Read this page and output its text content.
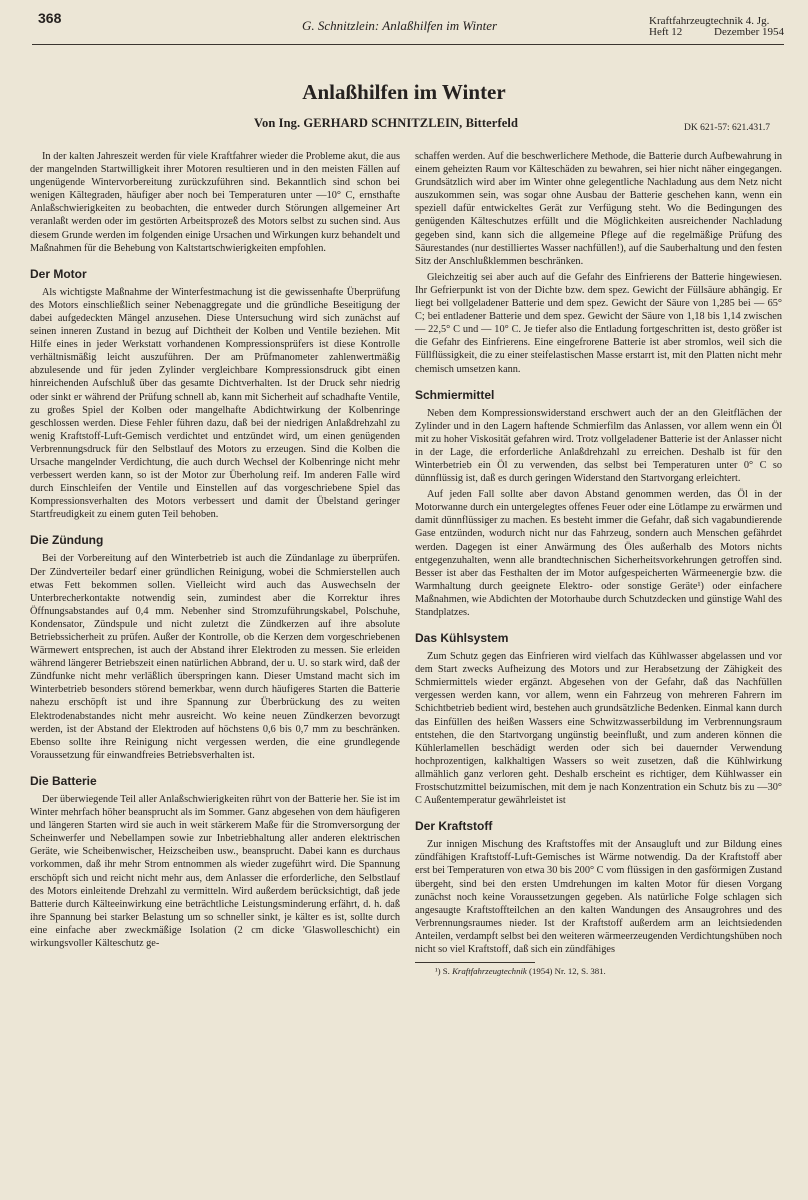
368	G. Schnitzlein: Anlaßhilfen im Winter	Kraftfahrzeugtechnik 4. Jg.
Heft 12	Dezember 1954
Anlaßhilfen im Winter
Von Ing. GERHARD SCHNITZLEIN, Bitterfeld	DK 621-57: 621.431.7

In der kalten Jahreszeit werden für viele Kraftfahrer wieder die Probleme akut, die aus der mangelnden Startwilligkeit ihrer Motoren resultieren und in den meisten Fällen auf ungenügende Wintervorbereitung zurückzuführen sind. Bekanntlich sind schon bei wenigen Kältegraden, häufiger aber noch bei Temperaturen unter —10° C, ernsthafte Anlaßschwierigkeiten zu beobachten, die entweder durch Störungen allgemeiner Art veranlaßt werden oder im gestörten Arbeitsprozeß des Motors selbst zu suchen sind. Aus diesem Grunde werden im folgenden einige Ursachen und Wirkungen kurz behandelt und Maßnahmen für die Behebung von Kaltstartschwierigkeiten empfohlen.

Der Motor

Als wichtigste Maßnahme der Winterfestmachung ist die gewissenhafte Überprüfung des Motors einschließlich seiner Nebenaggregate und die gründliche Beseitigung der dabei aufgedeckten Mängel anzusehen. Diese Untersuchung wird sich zunächst auf seinen inneren Zustand in bezug auf Dichtheit der Kolben und Ventile beziehen. Mit Hilfe eines in jeder Werkstatt vorhandenen Kompressionsprüfers ist diese Kontrolle verhältnismäßig leicht auszuführen. Der am Prüfmanometer zahlenwertmäßig abzulesende und für jeden Zylinder vergleichbare Kompressionsdruck gibt einen hinreichenden Aufschluß über das gesamte Dichtverhalten. Ist der Druck sehr niedrig oder sinkt er während der Prüfung schnell ab, kann mit Sicherheit auf schadhafte Ventile, zu großes Spiel der Kolben oder mangelhafte Abdichtwirkung der Kolbenringe geschlossen werden. Diese Fehler führen dazu, daß bei der niedrigen Anlaßdrehzahl zu wenig Kraftstoff-Luft-Gemisch verdichtet und entzündet wird, um einen genügenden Verbrennungsdruck für den Selbstlauf des Motors zu erzeugen. Sind die Kolben die Ursache mangelnder Verdichtung, die auch durch Wechsel der Kolbenringe nicht mehr verbessert werden kann, so ist der Motor zur Überholung reif. Im anderen Falle wird durch Einschleifen der Ventile und Einstellen auf das vorgeschriebene Spiel das Kompressionsverhalten des Motors verbessert und damit der Übelstand geringer Startfreudigkeit zu einem guten Teil behoben.

Die Zündung

Bei der Vorbereitung auf den Winterbetrieb ist auch die Zündanlage zu überprüfen. Der Zündverteiler bedarf einer gründlichen Reinigung, wobei die Schmierstellen auch etwas Fett bekommen sollen. Vielleicht wird auch das Auswechseln der Unterbrecherkontakte notwendig sein, zumindest aber die Korrektur ihres Öffnungsabstandes auf 0,4 mm. Nebenher sind Stromzuführungskabel, Polschuhe, Kondensator, Zündspule und nicht zuletzt die Zündkerzen auf ihre absolute Betriebssicherheit zu prüfen. Außer der Kontrolle, ob die Kerzen dem vorgeschriebenen Wärmewert entsprechen, ist auch der Abstand ihrer Elektroden zu messen. Sie erleiden während längerer Betriebszeit einen natürlichen Abbrand, der u. U. so stark wird, daß der Zündfunke nicht mehr verläßlich überspringen kann. Dieser Umstand macht sich im Winterbetrieb besonders störend bemerkbar, wenn durch häufigeres Starten die Batterie nahezu erschöpft ist und ihre Spannung zur Überbrückung des zu weiten Elektrodenabstandes nicht mehr ausreicht. Wo keine neuen Zündkerzen bevorzugt werden, ist der Abstand der Elektroden auf höchstens 0,6 bis 0,7 mm zu beschränken. Ebenso sollte ihre Reinigung nicht vergessen werden, die eine grundlegende Voraussetzung für einwandfreies Betriebsverhalten ist.

Die Batterie

Der überwiegende Teil aller Anlaßschwierigkeiten rührt von der Batterie her. Sie ist im Winter mehrfach höher beansprucht als im Sommer. Ganz abgesehen von dem häufigeren und längeren Starten wird sie auch in weit stärkerem Maße für die Stromversorgung der Scheinwerfer und Nebellampen sowie zur Inbetriebhaltung aller anderen elektrischen Geräte, wie Scheibenwischer, Heizscheiben usw., beansprucht. Dabei kann es durchaus vorkommen, daß ihr mehr Strom entnommen als wieder zugeführt wird. Die Spannung erschöpft sich und reicht nicht mehr aus, dem Anlasser die erforderliche, den Selbstlauf des Motors einleitende Drehzahl zu vermitteln. Wird außerdem berücksichtigt, daß jede Batterie durch Kälteeinwirkung eine beträchtliche Leistungsminderung erfährt, d. h. daß ihre Spannung bei starker Belastung um so schneller sinkt, je kälter es ist, sollte durch eine einfache aber zweckmäßige Isolation (2 cm dicke 'Glaswolleschicht) ein wirkungsvoller Kälteschutz ge-

schaffen werden. Auf die beschwerlichere Methode, die Batterie durch Aufbewahrung in einem geheizten Raum vor Kälteschäden zu bewahren, sei hier nicht näher eingegangen. Grundsätzlich wird aber im Winter ohne gelegentliche Nachladung aus dem Netz nicht auszukommen sein, was sogar ohne Ausbau der Batterie geschehen kann, wenn ein speziell dafür entwickeltes Gerät zur Verfügung steht. Wo die Bedingungen des genügenden Kälteschutzes erfüllt und die Möglichkeiten ausreichender Nachladung gegeben sind, kann sich die allgemeine Pflege auf die regelmäßige Prüfung des Säurestandes (nur destilliertes Wasser nachfüllen!), auf die Sauberhaltung und den festen Sitz der Anschlußklemmen beschränken.

Gleichzeitig sei aber auch auf die Gefahr des Einfrierens der Batterie hingewiesen. Ihr Gefrierpunkt ist von der Dichte bzw. dem spez. Gewicht der Füllsäure abhängig. Er liegt bei vollgeladener Batterie und dem spez. Gewicht der Säure von 1,285 bei — 65° C; bei entladener Batterie und dem spez. Gewicht der Säure von 1,18 bis 1,14 zwischen — 22,5° C und — 10° C. Je tiefer also die Entladung fortgeschritten ist, desto größer ist die Gefahr des Einfrierens. Eine eingefrorene Batterie ist aber stromlos, weil sich die Füllflüssigkeit, die zu einer steifelastischen Masse erstarrt ist, mit den Platten nicht mehr chemisch umsetzen kann.

Schmiermittel

Neben dem Kompressionswiderstand erschwert auch der an den Gleitflächen der Zylinder und in den Lagern haftende Schmierfilm das Anlassen, vor allem wenn ein Öl mit zu hoher Viskosität gefahren wird. Trotz vollgeladener Batterie ist der Anlasser nicht in der Lage, die erforderliche Anlaßdrehzahl zu erreichen. Deshalb ist für den Winterbetrieb ein Öl zu verwenden, das selbst bei Temperaturen unter 0° C so dünnflüssig ist, daß es durch geringen Widerstand den Startvorgang erleichtert.

Auf jeden Fall sollte aber davon Abstand genommen werden, das Öl in der Motorwanne durch ein untergelegtes offenes Feuer oder eine Lötlampe zu erwärmen und damit dünnflüssiger zu machen. Es besteht immer die Gefahr, daß sich vagabundierende Gase entzünden, wodurch nicht nur das Fahrzeug, sondern auch Menschen gefährdet werden. Dagegen ist einer Anwärmung des Öles außerhalb des Motors nichts entgegenzuhalten, wenn alle brandtechnischen Sicherheitsvorkehrungen getroffen sind. Besser ist aber das Festhalten der im Motor aufgespeicherten Wärmeenergie bzw. die Warmhaltung durch geeignete Elektro- oder sonstige Geräte¹) oder einfachere Maßnahmen, wie Abdichten der Motorhaube durch Schutzdecken und günstige Wahl des Standplatzes.

Das Kühlsystem

Zum Schutz gegen das Einfrieren wird vielfach das Kühlwasser abgelassen und vor dem Start zwecks Aufheizung des Motors und zur Herabsetzung der Zähigkeit des Schmiermittels wieder ergänzt. Abgesehen von der Gefahr, daß das Nachfüllen vergessen werden kann, vor allem, wenn ein Fahrzeug von mehreren Fahrern im Schichtbetrieb bedient wird, bestehen auch grundsätzliche Bedenken. Einmal kann durch das Einfüllen des heißen Wassers eine Schwitzwasserbildung im Verbrennungsraum entstehen, die den Startvorgang ungünstig beeinflußt, und zum anderen können die Kühlerlamellen beschädigt werden oder sich bei dauernder Verwendung hochprozentigen, kalkhaltigen Wassers so weit zusetzen, daß die Kühlwirkung allmählich ganz verloren geht. Deshalb erscheint es richtiger, dem Kühlwasser ein Frostschutzmittel beizumischen, mit dem je nach Konzentration ein Schutz bis zu —30° C Außentemperatur gewährleistet ist

Der Kraftstoff

Zur innigen Mischung des Kraftstoffes mit der Ansaugluft und zur Bildung eines zündfähigen Kraftstoff-Luft-Gemisches ist Wärme notwendig. Da der Kraftstoff aber erst bei Temperaturen von etwa 30 bis 200° C vom flüssigen in den gasförmigen Zustand übergeht, sind bei den ersten Umdrehungen im kalten Motor für diesen Vorgang zunächst noch keine Voraussetzungen gegeben. Als natürliche Folge schlagen sich angesaugte Kraftstoffteilchen an den kalten Wandungen des Ansaugrohres und des Verbrennungsraumes nieder. Ist der Kraftstoff außerdem arm an leichtsiedenden Anteilen, verdampft selbst bei den weiteren wärmeerzeugenden Verdichtungshüben noch nicht so viel Kraftstoff, daß sich ein zündfähiges

¹) S. Kraftfahrzeugtechnik (1954) Nr. 12, S. 381.
